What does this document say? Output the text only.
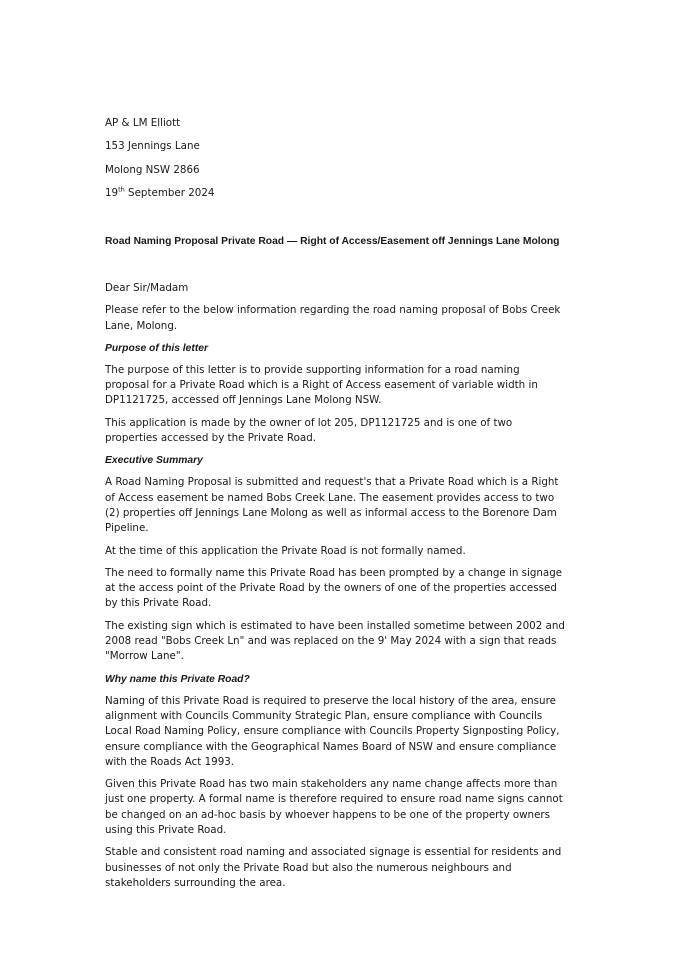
AP & LM Elliott
153 Jennings Lane
Molong NSW 2866
19th September 2024
Road Naming Proposal Private Road — Right of Access/Easement off Jennings Lane Molong

Dear Sir/Madam

Please refer to the below information regarding the road naming proposal of Bobs Creek Lane, Molong.

Purpose of this letter

The purpose of this letter is to provide supporting information for a road naming proposal for a Private Road which is a Right of Access easement of variable width in DP1121725, accessed off Jennings Lane Molong NSW.

This application is made by the owner of lot 205, DP1121725 and is one of two properties accessed by the Private Road.

Executive Summary

A Road Naming Proposal is submitted and request's that a Private Road which is a Right of Access easement be named Bobs Creek Lane. The easement provides access to two (2) properties off Jennings Lane Molong as well as informal access to the Borenore Dam Pipeline.

At the time of this application the Private Road is not formally named.

The need to formally name this Private Road has been prompted by a change in signage at the access point of the Private Road by the owners of one of the properties accessed by this Private Road.

The existing sign which is estimated to have been installed sometime between 2002 and 2008 read "Bobs Creek Ln" and was replaced on the 9' May 2024 with a sign that reads "Morrow Lane".

Why name this Private Road?

Naming of this Private Road is required to preserve the local history of the area, ensure alignment with Councils Community Strategic Plan, ensure compliance with Councils Local Road Naming Policy, ensure compliance with Councils Property Signposting Policy, ensure compliance with the Geographical Names Board of NSW and ensure compliance with the Roads Act 1993.

Given this Private Road has two main stakeholders any name change affects more than just one property. A formal name is therefore required to ensure road name signs cannot be changed on an ad-hoc basis by whoever happens to be one of the property owners using this Private Road.

Stable and consistent road naming and associated signage is essential for residents and businesses of not only the Private Road but also the numerous neighbours and stakeholders surrounding the area.
